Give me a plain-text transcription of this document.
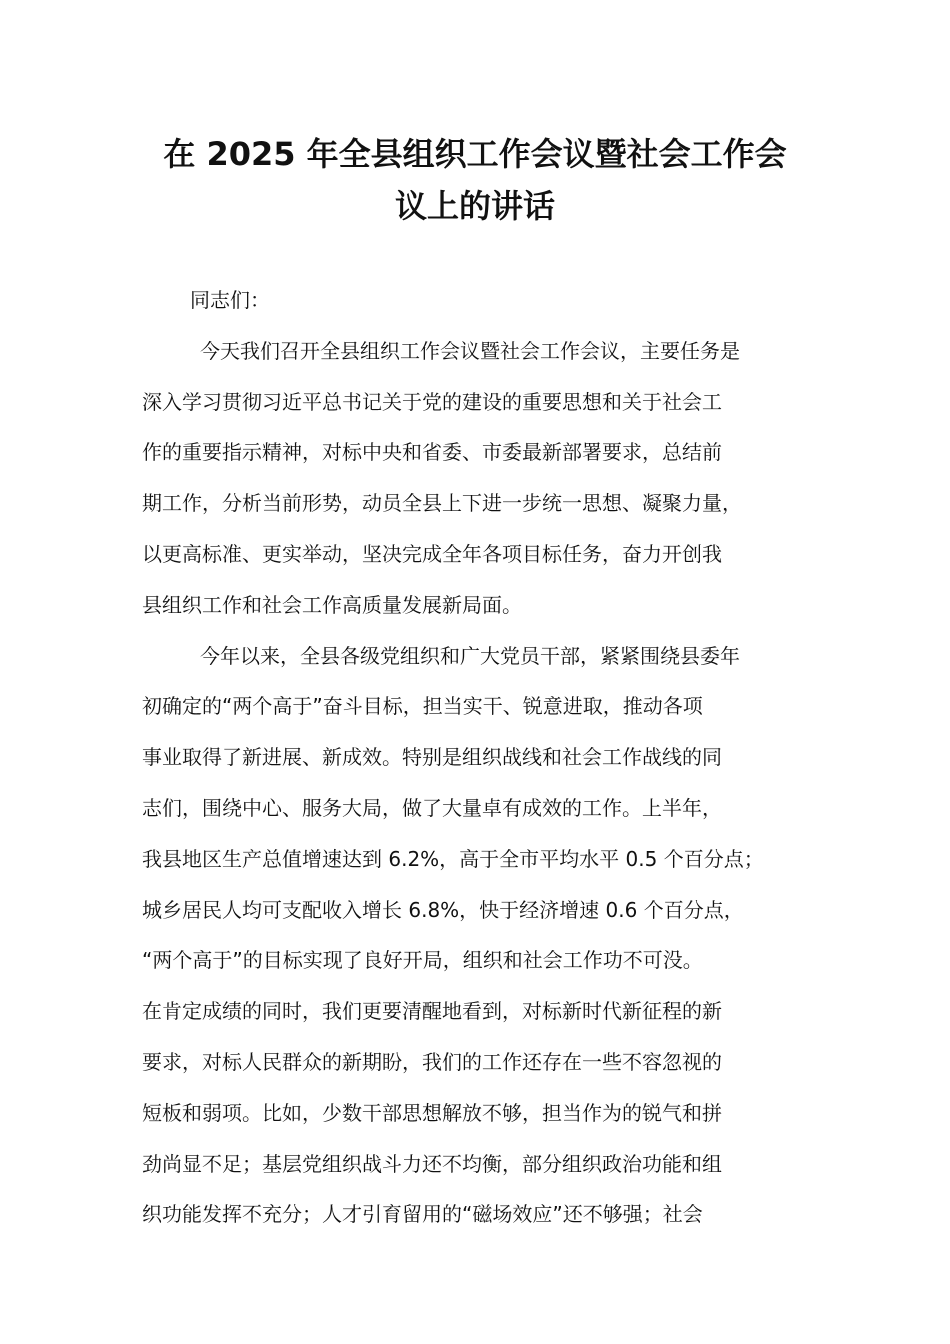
在 2025 年全县组织工作会议暨社会工作会
议上的讲话

同志们：

今天我们召开全县组织工作会议暨社会工作会议，主要任务是
深入学习贯彻习近平总书记关于党的建设的重要思想和关于社会工
作的重要指示精神，对标中央和省委、市委最新部署要求，总结前
期工作，分析当前形势，动员全县上下进一步统一思想、凝聚力量，
以更高标准、更实举动，坚决完成全年各项目标任务，奋力开创我
县组织工作和社会工作高质量发展新局面。

今年以来，全县各级党组织和广大党员干部，紧紧围绕县委年
初确定的“两个高于”奋斗目标，担当实干、锐意进取，推动各项
事业取得了新进展、新成效。特别是组织战线和社会工作战线的同
志们，围绕中心、服务大局，做了大量卓有成效的工作。上半年，
我县地区生产总值增速达到 6.2%，高于全市平均水平 0.5 个百分点；
城乡居民人均可支配收入增长 6.8%，快于经济增速 0.6 个百分点，
“两个高于”的目标实现了良好开局，组织和社会工作功不可没。
在肯定成绩的同时，我们更要清醒地看到，对标新时代新征程的新
要求，对标人民群众的新期盼，我们的工作还存在一些不容忽视的
短板和弱项。比如，少数干部思想解放不够，担当作为的锐气和拼
劲尚显不足；基层党组织战斗力还不均衡，部分组织政治功能和组
织功能发挥不充分；人才引育留用的“磁场效应”还不够强；社会
